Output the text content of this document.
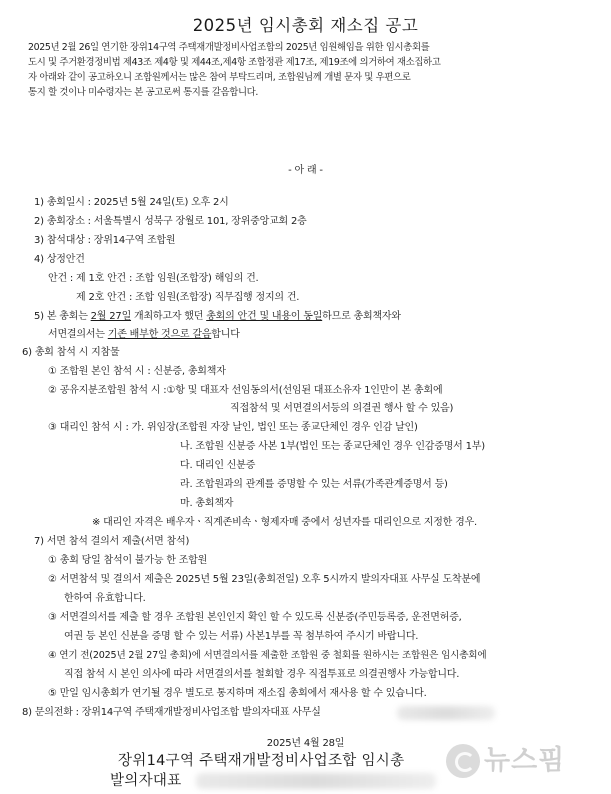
2025년 임시총회 재소집 공고
2025년 2월 26일 연기한 장위14구역 주택재개발정비사업조합의 2025년 임원해임을 위한 임시총회를
도시 및 주거환경정비법 제43조 제4항 및 제44조,제4항 조합정관 제17조, 제19조에 의거하여 재소집하고
자 아래와 같이 공고하오니 조합원께서는 많은 참여 부탁드리며, 조합원님께 개별 문자 및 우편으로
통지 할 것이나 미수령자는 본 공고로써 통지를 갈음합니다.
- 아 래 -
1) 총회일시 : 2025년 5월 24일(토) 오후 2시
2) 총회장소 : 서울특별시 성북구 장월로 101, 장위중앙교회 2층
3) 참석대상 : 장위14구역 조합원
4) 상정안건
안건 : 제 1호 안건 : 조합 임원(조합장) 해임의 건.
제 2호 안건 : 조합 임원(조합장) 직무집행 정지의 건.
5) 본 총회는 2월 27일 개최하고자 했던 총회의 안건 및 내용이 동일하므로 총회책자와
서면결의서는 기존 배부한 것으로 갈음합니다
6) 총회 참석 시 지참물
① 조합원 본인 참석 시 : 신분증, 총회책자
② 공유지분조합원 참석 시 :①항 및 대표자 선임동의서(선임된 대표소유자 1인만이 본 총회에
직접참석 및 서면결의서등의 의결권 행사 할 수 있음)
③ 대리인 참석 시 : 가. 위임장(조합원 자장 날인, 법인 또는 종교단체인 경우 인감 날인)
나. 조합원 신분증 사본 1부(법인 또는 종교단체인 경우 인감증명서 1부)
다. 대리인 신분증
라. 조합원과의 관계를 증명할 수 있는 서류(가족관계증명서 등)
마. 총회책자
※ 대리인 자격은 배우자ㆍ직계존비속ㆍ형제자매 중에서 성년자를 대리인으로 지정한 경우.
7) 서면 참석 결의서 제출(서면 참석)
① 총회 당일 참석이 불가능 한 조합원
② 서면참석 및 결의서 제출은 2025년 5월 23일(총회전일) 오후 5시까지 발의자대표 사무실 도착분에
한하여 유효합니다.
③ 서면결의서를 제출 할 경우 조합원 본인인지 확인 할 수 있도록 신분증(주민등록증, 운전면허증,
여권 등 본인 신분을 증명 할 수 있는 서류) 사본1부를 꼭 첨부하여 주시기 바랍니다.
④ 연기 전(2025년 2월 27일 총회)에 서면결의서를 제출한 조합원 중 철회를 원하시는 조합원은 임시총회에
직접 참석 시 본인 의사에 따라 서면결의서를 철회할 경우 직접투표로 의결권행사 가능합니다.
⑤ 만일 임시총회가 연기될 경우 별도로 통지하며 재소집 총회에서 재사용 할 수 있습니다.
8) 문의전화 : 장위14구역 주택재개발정비사업조합 발의자대표 사무실
2025년 4월 28일
장위14구역 주택재개발정비사업조합 임시총
발의자대표
뉴스핌
